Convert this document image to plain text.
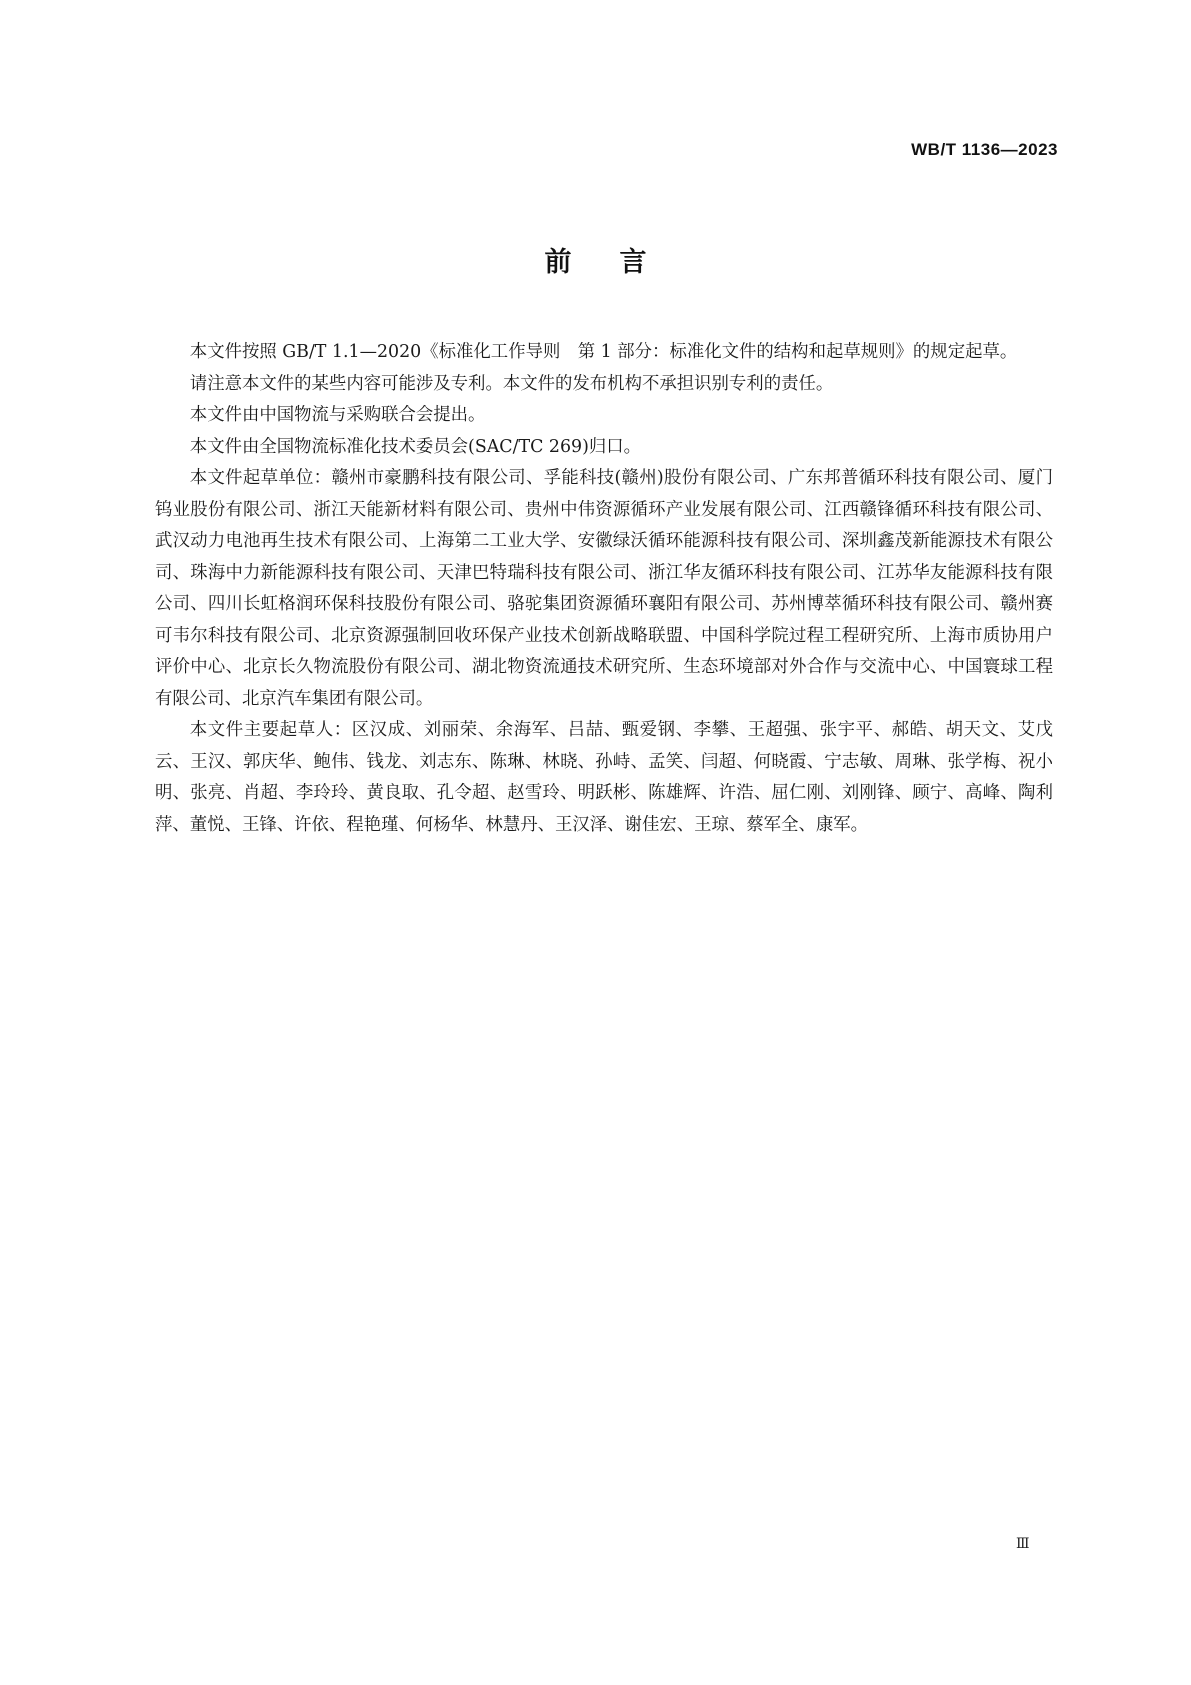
WB/T 1136—2023
前言

本文件按照 GB/T 1.1—2020《标准化工作导则　第 1 部分：标准化文件的结构和起草规则》的规定起草。

请注意本文件的某些内容可能涉及专利。本文件的发布机构不承担识别专利的责任。

本文件由中国物流与采购联合会提出。

本文件由全国物流标准化技术委员会(SAC/TC 269)归口。

本文件起草单位：赣州市豪鹏科技有限公司、孚能科技(赣州)股份有限公司、广东邦普循环科技有限公司、厦门钨业股份有限公司、浙江天能新材料有限公司、贵州中伟资源循环产业发展有限公司、江西赣锋循环科技有限公司、武汉动力电池再生技术有限公司、上海第二工业大学、安徽绿沃循环能源科技有限公司、深圳鑫茂新能源技术有限公司、珠海中力新能源科技有限公司、天津巴特瑞科技有限公司、浙江华友循环科技有限公司、江苏华友能源科技有限公司、四川长虹格润环保科技股份有限公司、骆驼集团资源循环襄阳有限公司、苏州博萃循环科技有限公司、赣州赛可韦尔科技有限公司、北京资源强制回收环保产业技术创新战略联盟、中国科学院过程工程研究所、上海市质协用户评价中心、北京长久物流股份有限公司、湖北物资流通技术研究所、生态环境部对外合作与交流中心、中国寰球工程有限公司、北京汽车集团有限公司。

本文件主要起草人：区汉成、刘丽荣、余海军、吕喆、甄爱钢、李攀、王超强、张宇平、郝皓、胡天文、艾戊云、王汉、郭庆华、鲍伟、钱龙、刘志东、陈琳、林晓、孙峙、孟笑、闫超、何晓霞、宁志敏、周琳、张学梅、祝小明、张亮、肖超、李玲玲、黄良取、孔令超、赵雪玲、明跃彬、陈雄辉、许浩、屈仁刚、刘刚锋、顾宁、高峰、陶利萍、董悦、王锋、许依、程艳瑾、何杨华、林慧丹、王汉泽、谢佳宏、王琼、蔡军全、康军。

Ⅲ
